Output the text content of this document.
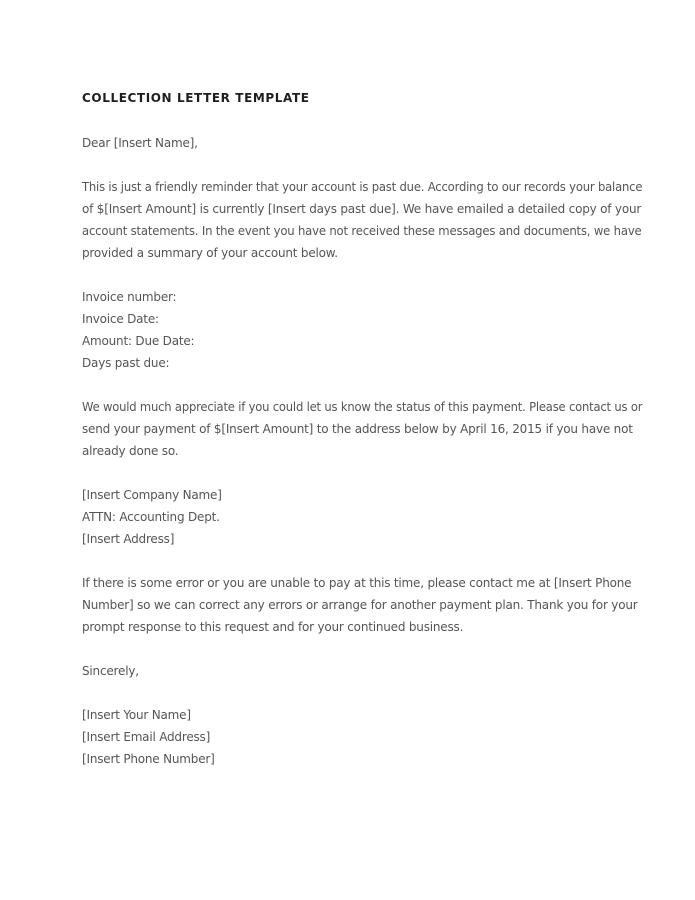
COLLECTION LETTER TEMPLATE
Dear [Insert Name],
This is just a friendly reminder that your account is past due. According to our records your balance
of $[Insert Amount] is currently [Insert days past due]. We have emailed a detailed copy of your
account statements. In the event you have not received these messages and documents, we have
provided a summary of your account below.
Invoice number:
Invoice Date:
Amount: Due Date:
Days past due:
We would much appreciate if you could let us know the status of this payment. Please contact us or
send your payment of $[Insert Amount] to the address below by April 16, 2015 if you have not
already done so.
[Insert Company Name]
ATTN: Accounting Dept.
[Insert Address]
If there is some error or you are unable to pay at this time, please contact me at [Insert Phone
Number] so we can correct any errors or arrange for another payment plan. Thank you for your
prompt response to this request and for your continued business.
Sincerely,
[Insert Your Name]
[Insert Email Address]
[Insert Phone Number]
